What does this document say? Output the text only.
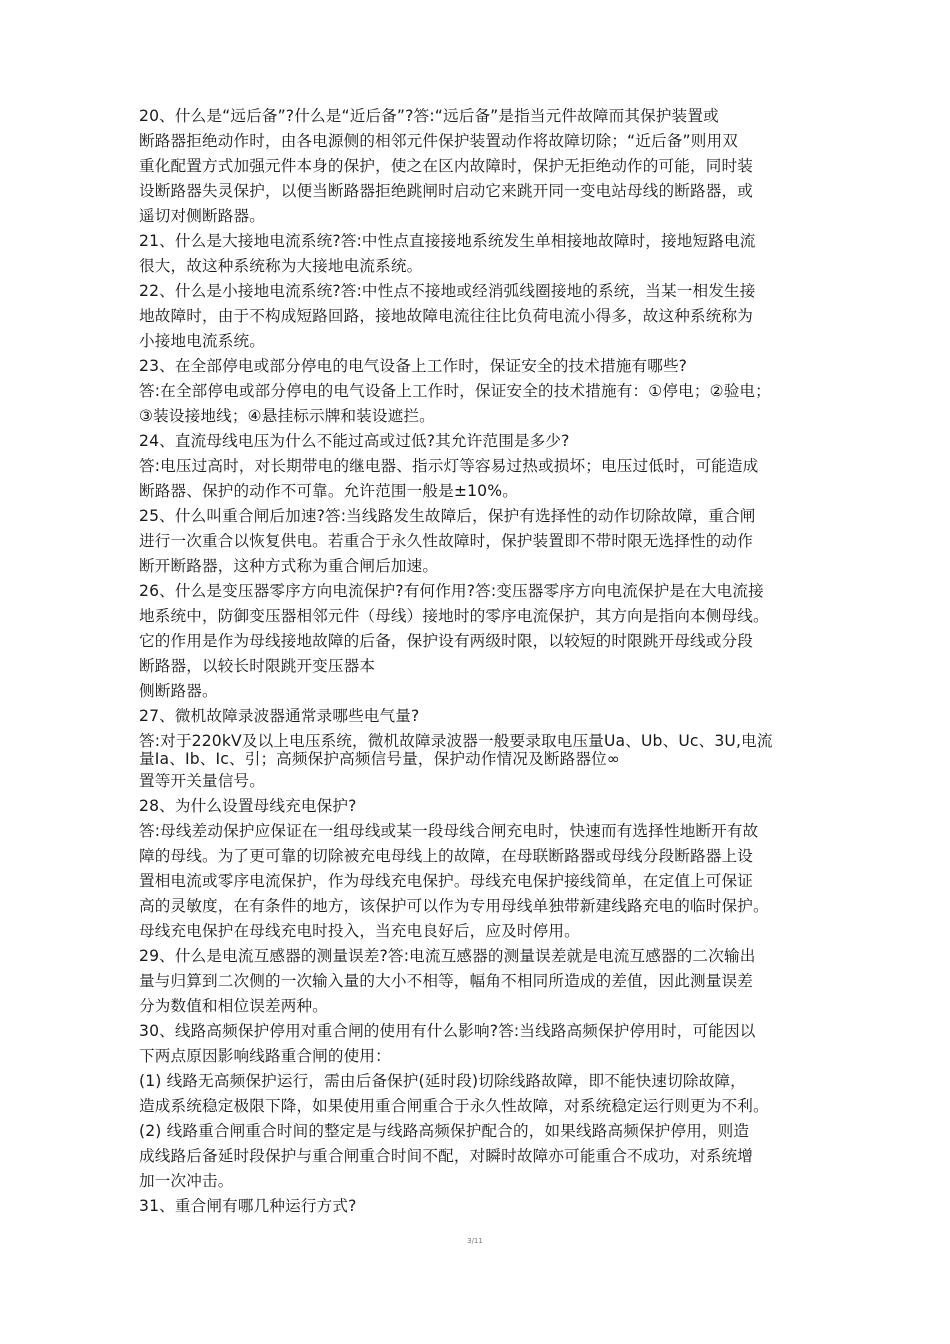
20、什么是“远后备”?什么是“近后备”?答:“远后备”是指当元件故障而其保护装置或
断路器拒绝动作时，由各电源侧的相邻元件保护装置动作将故障切除；“近后备”则用双
重化配置方式加强元件本身的保护，使之在区内故障时，保护无拒绝动作的可能，同时装
设断路器失灵保护，以便当断路器拒绝跳闸时启动它来跳开同一变电站母线的断路器，或
遥切对侧断路器。
21、什么是大接地电流系统?答:中性点直接接地系统发生单相接地故障时，接地短路电流
很大，故这种系统称为大接地电流系统。
22、什么是小接地电流系统?答:中性点不接地或经消弧线圈接地的系统，当某一相发生接
地故障时，由于不构成短路回路，接地故障电流往往比负荷电流小得多，故这种系统称为
小接地电流系统。
23、在全部停电或部分停电的电气设备上工作时，保证安全的技术措施有哪些?
答:在全部停电或部分停电的电气设备上工作时，保证安全的技术措施有：①停电；②验电；
③装设接地线；④悬挂标示牌和装设遮拦。
24、直流母线电压为什么不能过高或过低?其允许范围是多少?
答:电压过高时，对长期带电的继电器、指示灯等容易过热或损坏；电压过低时，可能造成
断路器、保护的动作不可靠。允许范围一般是±10%。
25、什么叫重合闸后加速?答:当线路发生故障后，保护有选择性的动作切除故障，重合闸
进行一次重合以恢复供电。若重合于永久性故障时，保护装置即不带时限无选择性的动作
断开断路器，这种方式称为重合闸后加速。
26、什么是变压器零序方向电流保护?有何作用?答:变压器零序方向电流保护是在大电流接
地系统中，防御变压器相邻元件（母线）接地时的零序电流保护，其方向是指向本侧母线。
它的作用是作为母线接地故障的后备，保护设有两级时限，以较短的时限跳开母线或分段
断路器，以较长时限跳开变压器本
侧断路器。
27、微机故障录波器通常录哪些电气量?
答:对于220kV及以上电压系统，微机故障录波器一般要录取电压量Ua、Ub、Uc、3U,电流
量Ia、Ib、Ic、引；高频保护高频信号量，保护动作情况及断路器位∞
置等开关量信号。
28、为什么设置母线充电保护?
答:母线差动保护应保证在一组母线或某一段母线合闸充电时，快速而有选择性地断开有故
障的母线。为了更可靠的切除被充电母线上的故障，在母联断路器或母线分段断路器上设
置相电流或零序电流保护，作为母线充电保护。母线充电保护接线简单，在定值上可保证
高的灵敏度，在有条件的地方，该保护可以作为专用母线单独带新建线路充电的临时保护。
母线充电保护在母线充电时投入，当充电良好后，应及时停用。
29、什么是电流互感器的测量误差?答:电流互感器的测量误差就是电流互感器的二次输出
量与归算到二次侧的一次输入量的大小不相等，幅角不相同所造成的差值，因此测量误差
分为数值和相位误差两种。
30、线路高频保护停用对重合闸的使用有什么影响?答:当线路高频保护停用时，可能因以
下两点原因影响线路重合闸的使用：
(1) 线路无高频保护运行，需由后备保护(延时段)切除线路故障，即不能快速切除故障，
造成系统稳定极限下降，如果使用重合闸重合于永久性故障，对系统稳定运行则更为不利。
(2) 线路重合闸重合时间的整定是与线路高频保护配合的，如果线路高频保护停用，则造
成线路后备延时段保护与重合闸重合时间不配，对瞬时故障亦可能重合不成功，对系统增
加一次冲击。
31、重合闸有哪几种运行方式?
3/11
